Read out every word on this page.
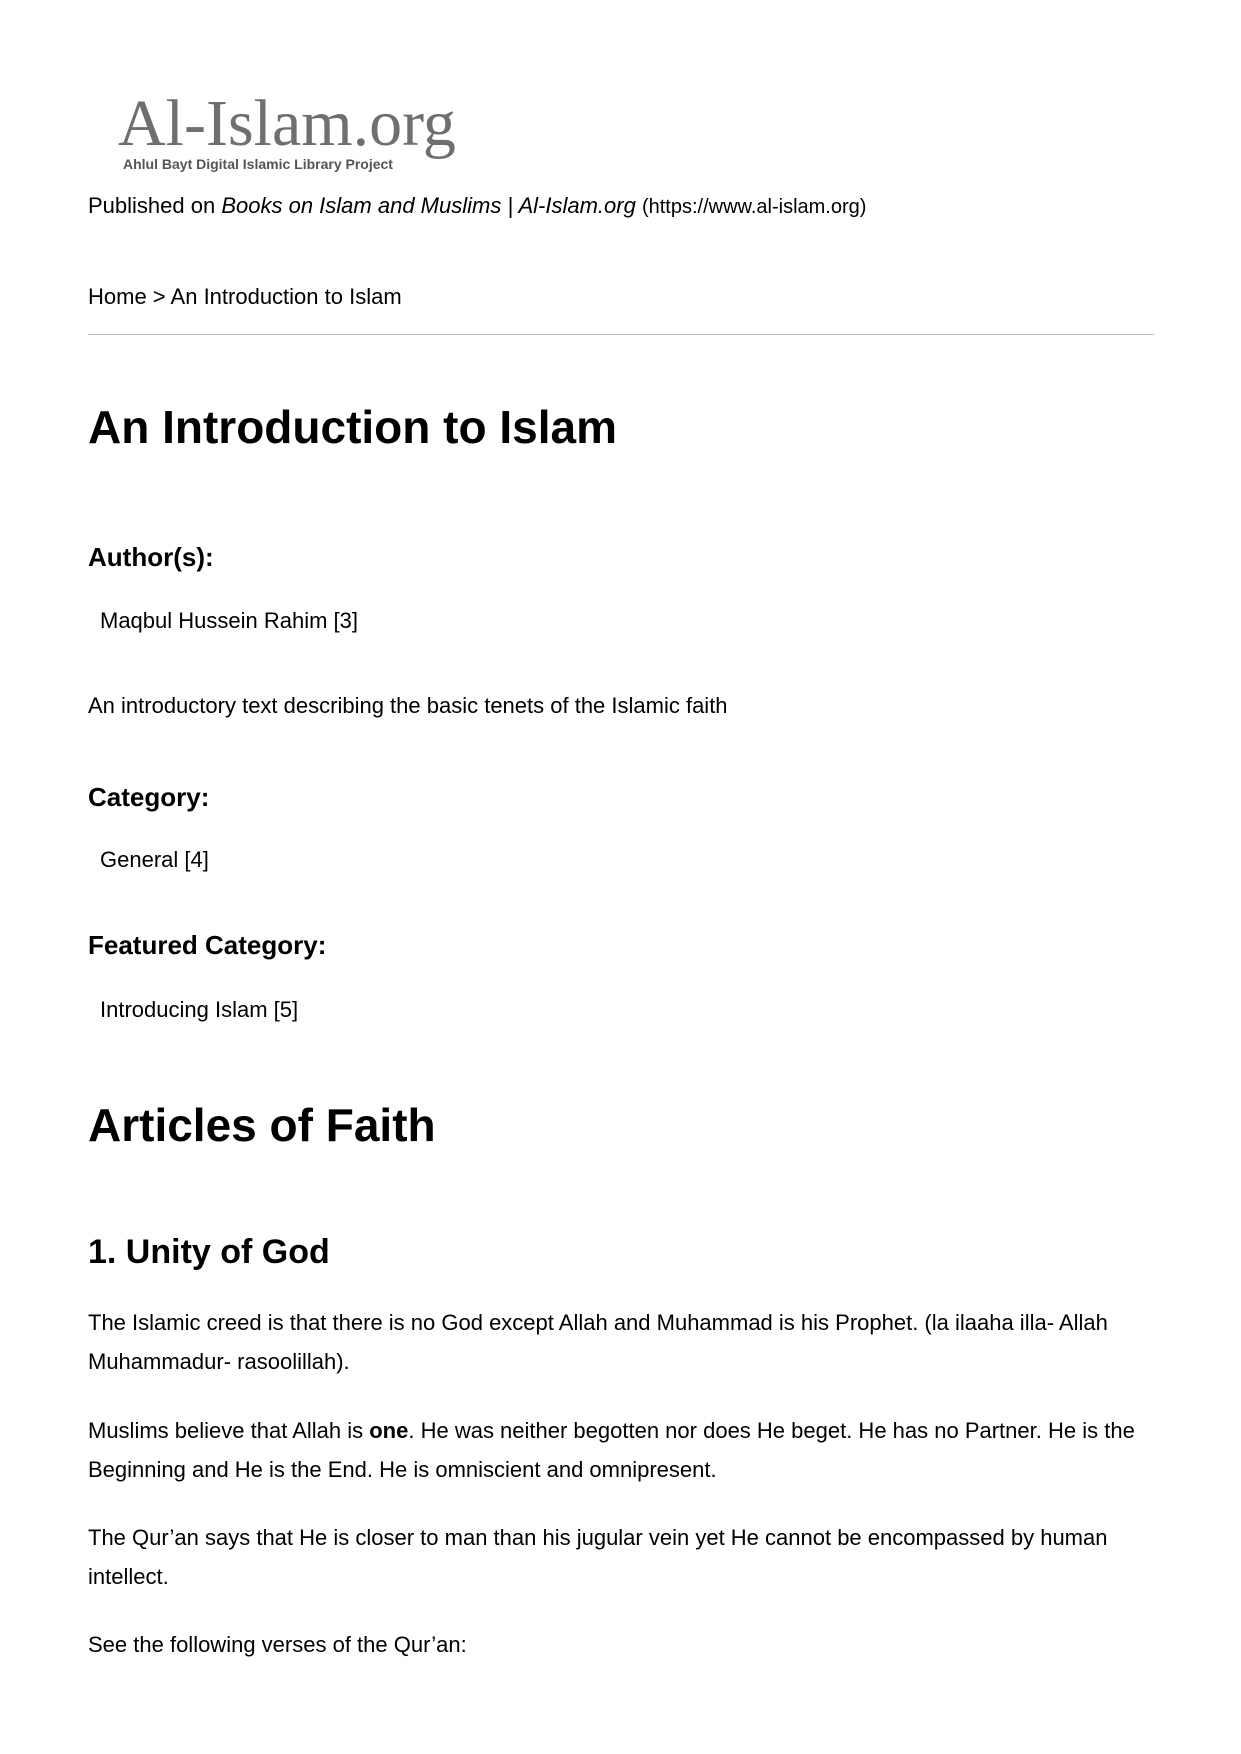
Al-Islam.org
Ahlul Bayt Digital Islamic Library Project
Published on Books on Islam and Muslims | Al-Islam.org (https://www.al-islam.org)
Home > An Introduction to Islam
An Introduction to Islam
Author(s):
Maqbul Hussein Rahim [3]
An introductory text describing the basic tenets of the Islamic faith
Category:
General [4]
Featured Category:
Introducing Islam [5]
Articles of Faith
1. Unity of God

The Islamic creed is that there is no God except Allah and Muhammad is his Prophet. (la ilaaha illa- Allah Muhammadur- rasoolillah).

Muslims believe that Allah is one. He was neither begotten nor does He beget. He has no Partner. He is the Beginning and He is the End. He is omniscient and omnipresent.

The Qur’an says that He is closer to man than his jugular vein yet He cannot be encompassed by human intellect.

See the following verses of the Qur’an:
